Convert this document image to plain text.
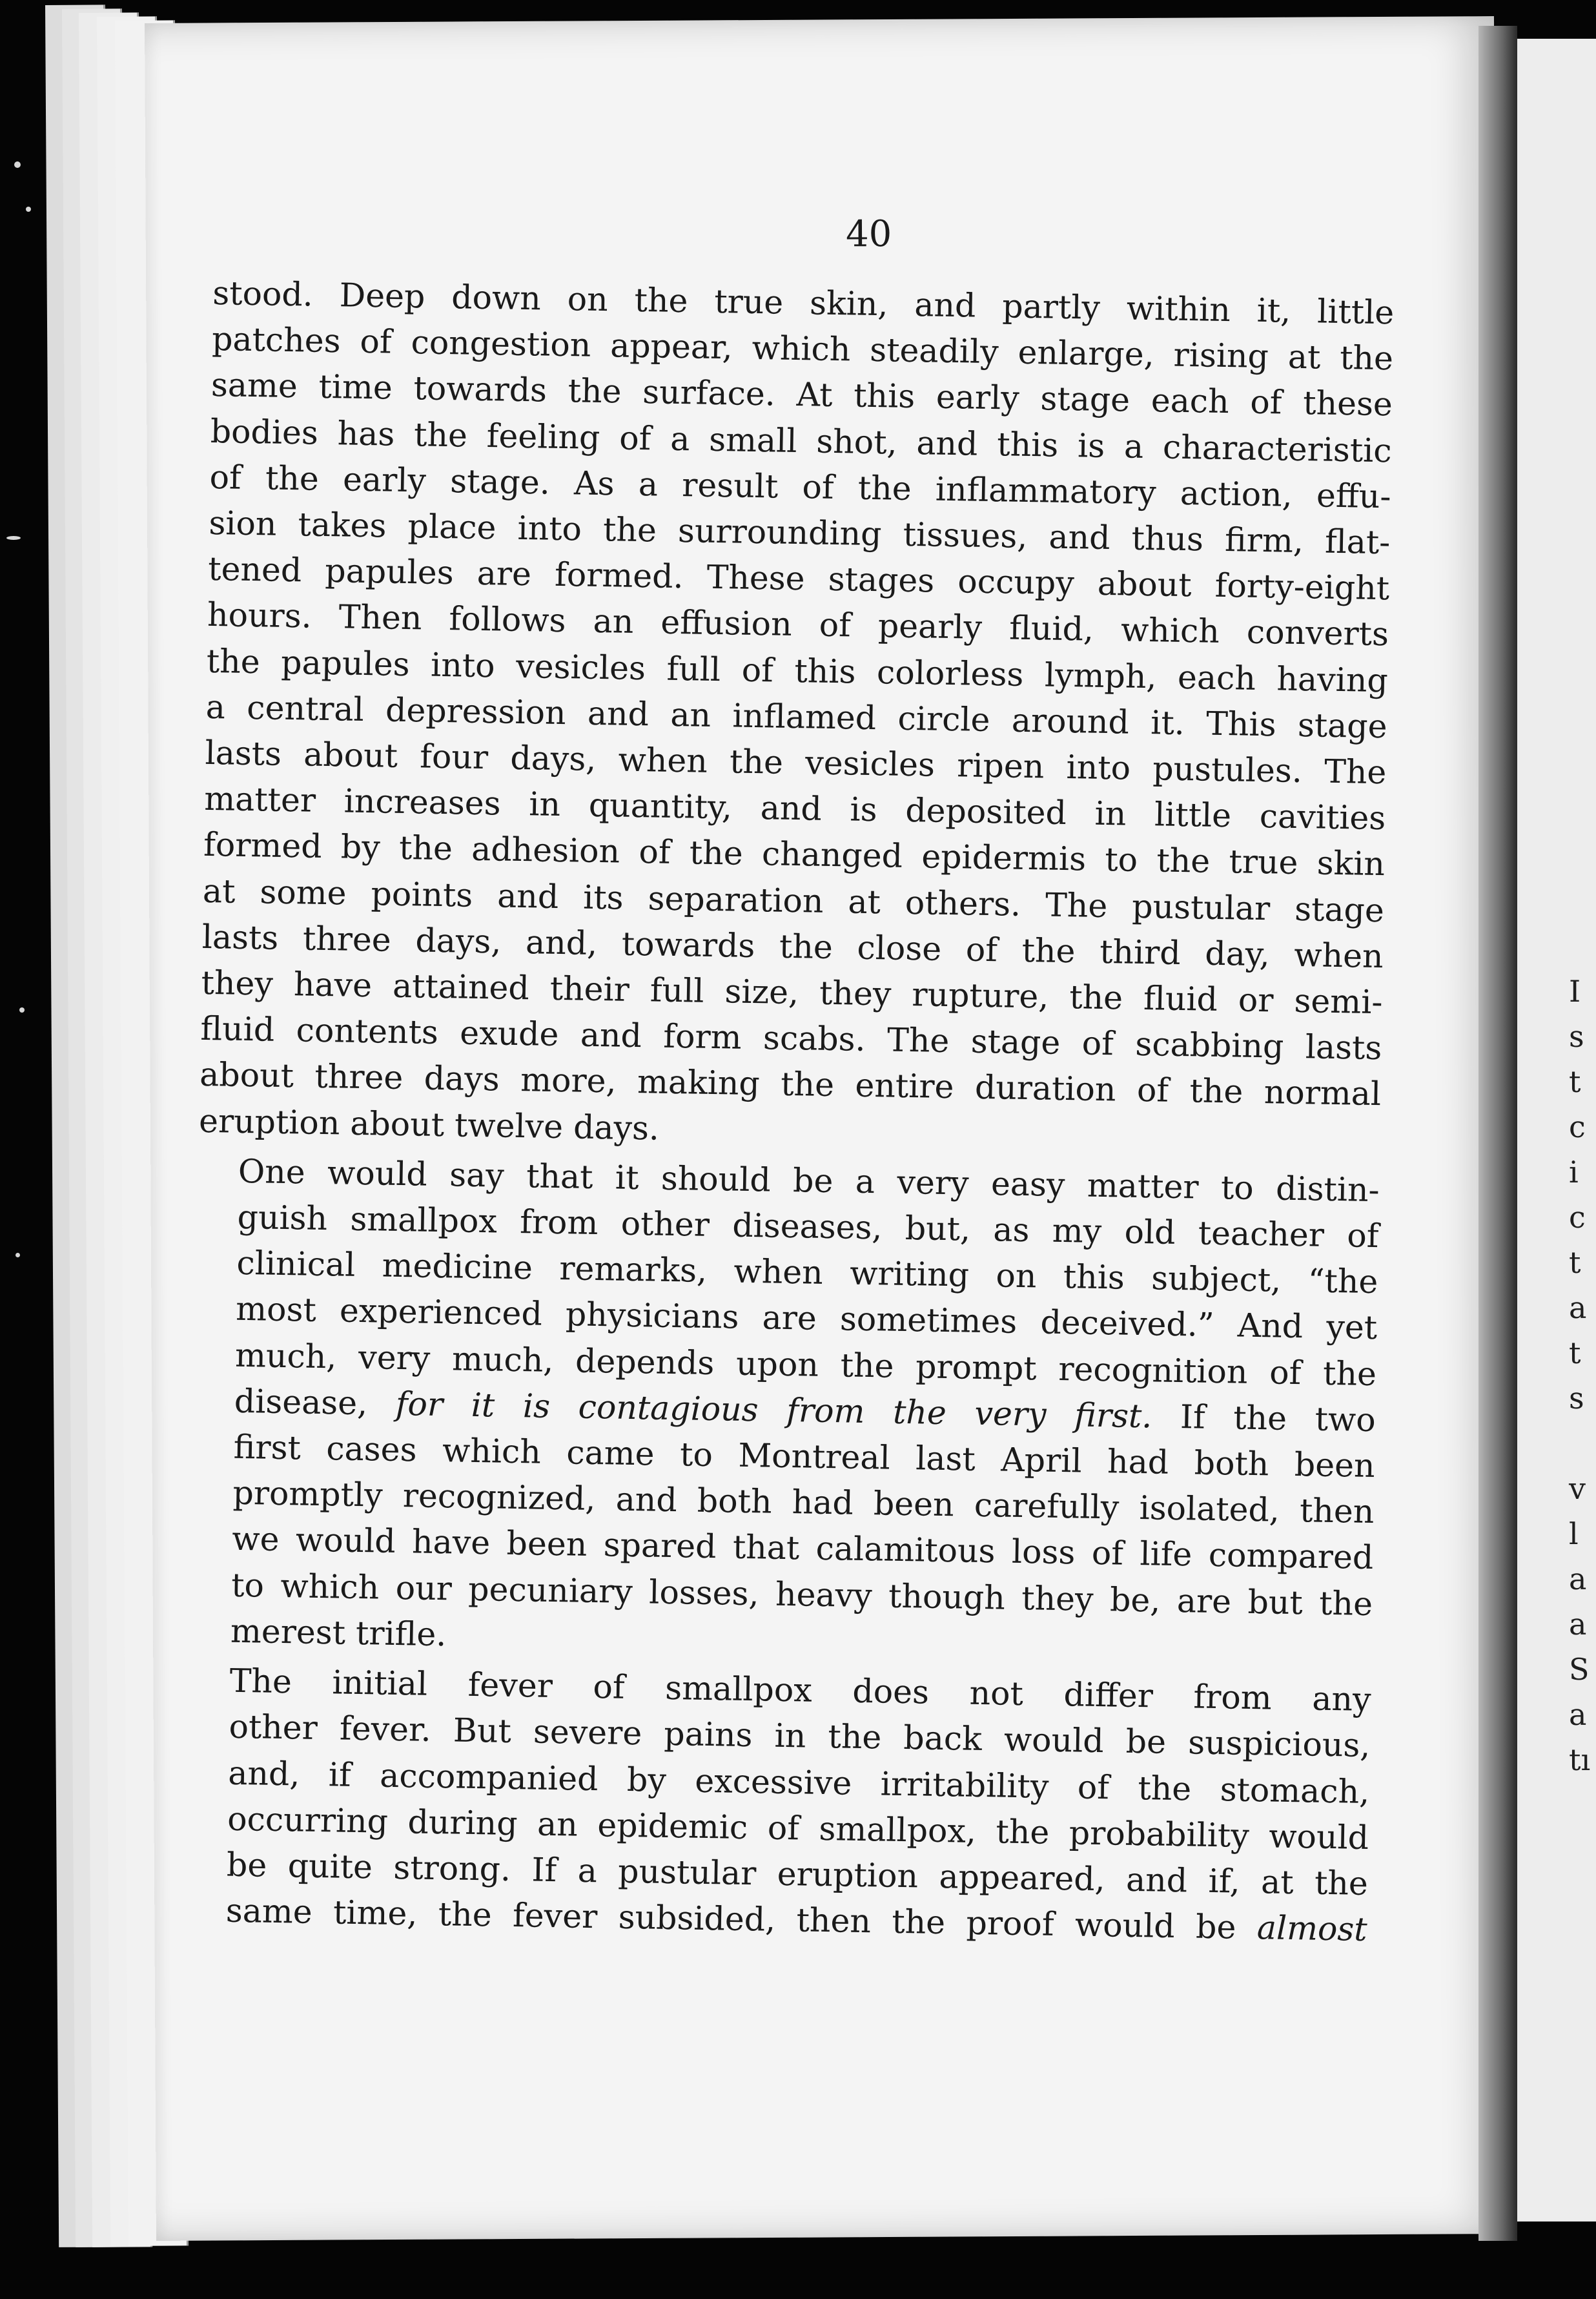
40
I
s
t
c
i
c
t
a
t
s
v
l
a
a
S
a
tı
stood. Deep down on the true skin, and partly within it, little
patches of congestion appear, which steadily enlarge, rising at the
same time towards the surface. At this early stage each of these
bodies has the feeling of a small shot, and this is a characteristic
of the early stage. As a result of the inflammatory action, effu-
sion takes place into the surrounding tissues, and thus firm, flat-
tened papules are formed. These stages occupy about forty-eight
hours. Then follows an effusion of pearly fluid, which converts
the papules into vesicles full of this colorless lymph, each having
a central depression and an inflamed circle around it. This stage
lasts about four days, when the vesicles ripen into pustules. The
matter increases in quantity, and is deposited in little cavities
formed by the adhesion of the changed epidermis to the true skin
at some points and its separation at others. The pustular stage
lasts three days, and, towards the close of the third day, when
they have attained their full size, they rupture, the fluid or semi-
fluid contents exude and form scabs. The stage of scabbing lasts
about three days more, making the entire duration of the normal
eruption about twelve days.
One would say that it should be a very easy matter to distin-
guish smallpox from other diseases, but, as my old teacher of
clinical medicine remarks, when writing on this subject, “the
most experienced physicians are sometimes deceived.” And yet
much, very much, depends upon the prompt recognition of the
disease, for it is contagious from the very first. If the two
first cases which came to Montreal last April had both been
promptly recognized, and both had been carefully isolated, then
we would have been spared that calamitous loss of life compared
to which our pecuniary losses, heavy though they be, are but the
merest trifle.
The initial fever of smallpox does not differ from any
other fever. But severe pains in the back would be suspicious,
and, if accompanied by excessive irritability of the stomach,
occurring during an epidemic of smallpox, the probability would
be quite strong. If a pustular eruption appeared, and if, at the
same time, the fever subsided, then the proof would be almost
